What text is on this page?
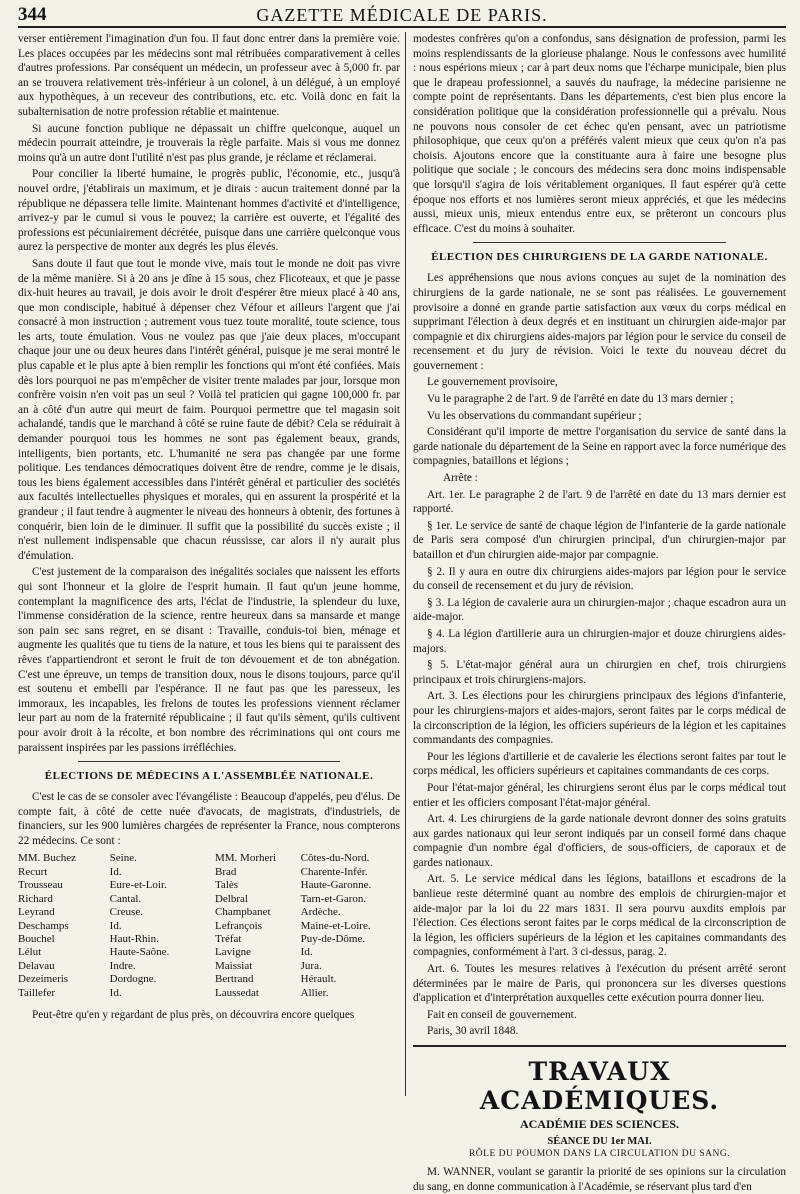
344	GAZETTE MÉDICALE DE PARIS.

verser entièrement l'imagination d'un fou. Il faut donc entrer dans la première voie. Les places occupées par les médecins sont mal rétribuées comparativement à celles d'autres professions. Par conséquent un médecin, un professeur avec à 5,000 fr. par an se trouvera relativement très-inférieur à un colonel, à un délégué, à un employé aux hypothèques, à un receveur des contributions, etc. etc. Voilà donc en fait la subalternisation de notre profession rétablie et maintenue.

Si aucune fonction publique ne dépassait un chiffre quelconque, auquel un médecin pourrait atteindre, je trouverais la règle parfaite. Mais si vous me donnez moins qu'à un autre dont l'utilité n'est pas plus grande, je réclame et réclamerai.

Pour concilier la liberté humaine, le progrès public, l'économie, etc., jusqu'à nouvel ordre, j'établirais un maximum, et je dirais : aucun traitement donné par la république ne dépassera telle limite. Maintenant hommes d'activité et d'intelligence, arrivez-y par le cumul si vous le pouvez; la carrière est ouverte, et l'égalité des professions est pécuniairement décrétée, puisque dans une carrière quelconque vous aurez la perspective de monter aux degrés les plus élevés.

Sans doute il faut que tout le monde vive, mais tout le monde ne doit pas vivre de la même manière. Si à 20 ans je dîne à 15 sous, chez Flicoteaux, et que je passe dix-huit heures au travail, je dois avoir le droit d'espérer être mieux placé à 40 ans, que mon condisciple, habitué à dépenser chez Véfour et ailleurs l'argent que j'ai consacré à mon instruction ; autrement vous tuez toute moralité, toute science, tous les arts, toute émulation. Vous ne voulez pas que j'aie deux places, m'occupant chaque jour une ou deux heures dans l'intérêt général, puisque je me serai montré le plus capable et le plus apte à bien remplir les fonctions qui m'ont été confiées. Mais dès lors pourquoi ne pas m'empêcher de visiter trente malades par jour, lorsque mon confrère voisin n'en voit pas un seul ? Voilà tel praticien qui gagne 100,000 fr. par an à côté d'un autre qui meurt de faim. Pourquoi permettre que tel magasin soit achalandé, tandis que le marchand à côté se ruine faute de débit? Cela se réduirait à demander pourquoi tous les hommes ne sont pas également beaux, grands, intelligents, bien portants, etc. L'humanité ne sera pas changée par une forme politique. Les tendances démocratiques doivent être de rendre, comme je le disais, tous les biens également accessibles dans l'intérêt général et particulier des sociétés aux facultés intellectuelles physiques et morales, qui en assurent la prospérité et la grandeur ; il faut tendre à augmenter le niveau des honneurs à obtenir, des fortunes à conquérir, bien loin de le diminuer. Il suffit que la possibilité du succès existe ; il n'est nullement indispensable que chacun réussisse, car alors il n'y aurait plus d'émulation.

C'est justement de la comparaison des inégalités sociales que naissent les efforts qui sont l'honneur et la gloire de l'esprit humain. Il faut qu'un jeune homme, contemplant la magnificence des arts, l'éclat de l'industrie, la splendeur du luxe, l'immense considération de la science, rentre heureux dans sa mansarde et mange son pain sec sans regret, en se disant : Travaille, conduis-toi bien, ménage et augmente les qualités que tu tiens de la nature, et tous les biens qui te paraissent des rêves t'appartiendront et seront le fruit de ton dévouement et de ton abnégation. C'est une épreuve, un temps de transition doux, nous le disons toujours, parce qu'il est soutenu et embelli par l'espérance. Il ne faut pas que les paresseux, les immoraux, les incapables, les frelons de toutes les professions viennent réclamer leur part au nom de la fraternité républicaine ; il faut qu'ils sèment, qu'ils cultivent pour avoir droit à la récolte, et bon nombre des récriminations qui ont cours me paraissent inspirées par les passions irréfléchies.

ÉLECTIONS DE MÉDECINS A L'ASSEMBLÉE NATIONALE.

C'est le cas de se consoler avec l'évangéliste : Beaucoup d'appelés, peu d'élus. De compte fait, à côté de cette nuée d'avocats, de magistrats, d'industriels, de financiers, sur les 900 lumières chargées de représenter la France, nous compterons 22 médecins. Ce sont :

MM. Buchez	Seine.	MM. Morheri	Côtes-du-Nord.
Recurt	Id.	Brad	Charente-Infér.
Trousseau	Eure-et-Loir.	Talès	Haute-Garonne.
Richard	Cantal.	Delbral	Tarn-et-Garon.
Leyrand	Creuse.	Champbanet	Ardèche.
Deschamps	Id.	Lefrançois	Maine-et-Loire.
Bouchel	Haut-Rhin.	Tréfat	Puy-de-Dôme.
Lélut	Haute-Saône.	Lavigne	Id.
Delavau	Indre.	Maissiat	Jura.
Dezeimeris	Dordogne.	Bertrand	Hérault.
Taillefer	Id.	Laussedat	Allier.

Peut-être qu'en y regardant de plus près, on découvrira encore quelques

modestes confrères qu'on a confondus, sans désignation de profession, parmi les moins resplendissants de la glorieuse phalange. Nous le confessons avec humilité : nous espérions mieux ; car à part deux noms que l'écharpe municipale, bien plus que le drapeau professionnel, a sauvés du naufrage, la médecine parisienne ne compte point de représentants. Dans les départements, c'est bien plus encore la considération politique que la considération professionnelle qui a prévalu. Nous ne pouvons nous consoler de cet échec qu'en pensant, avec un patriotisme philosophique, que ceux qu'on a préférés valent mieux que ceux qu'on n'a pas choisis. Ajoutons encore que la constituante aura à faire une besogne plus politique que sociale ; le concours des médecins sera donc moins indispensable que lorsqu'il s'agira de lois véritablement organiques. Il faut espérer qu'à cette époque nos efforts et nos lumières seront mieux appréciés, et que les médecins aussi, mieux unis, mieux entendus entre eux, se prêteront un concours plus efficace. C'est du moins à souhaiter.

ÉLECTION DES CHIRURGIENS DE LA GARDE NATIONALE.

Les appréhensions que nous avions conçues au sujet de la nomination des chirurgiens de la garde nationale, ne se sont pas réalisées. Le gouvernement provisoire a donné en grande partie satisfaction aux vœux du corps médical en supprimant l'élection à deux degrés et en instituant un chirurgien aide-major par compagnie et dix chirurgiens aides-majors par légion pour le service du conseil de recensement et du jury de révision. Voici le texte du nouveau décret du gouvernement :

Le gouvernement provisoire,

Vu le paragraphe 2 de l'art. 9 de l'arrêté en date du 13 mars dernier ;

Vu les observations du commandant supérieur ;

Considérant qu'il importe de mettre l'organisation du service de santé dans la garde nationale du département de la Seine en rapport avec la force numérique des compagnies, bataillons et légions ;

Arrête :

Art. 1er. Le paragraphe 2 de l'art. 9 de l'arrêté en date du 13 mars dernier est rapporté.

§ 1er. Le service de santé de chaque légion de l'infanterie de la garde nationale de Paris sera composé d'un chirurgien principal, d'un chirurgien-major par bataillon et d'un chirurgien aide-major par compagnie.

§ 2. Il y aura en outre dix chirurgiens aides-majors par légion pour le service du conseil de recensement et du jury de révision.

§ 3. La légion de cavalerie aura un chirurgien-major ; chaque escadron aura un aide-major.

§ 4. La légion d'artillerie aura un chirurgien-major et douze chirurgiens aides-majors.

§ 5. L'état-major général aura un chirurgien en chef, trois chirurgiens principaux et trois chirurgiens-majors.

Art. 3. Les élections pour les chirurgiens principaux des légions d'infanterie, pour les chirurgiens-majors et aides-majors, seront faites par le corps médical de la circonscription de la légion, les officiers supérieurs de la légion et les capitaines commandants des compagnies.

Pour les légions d'artillerie et de cavalerie les élections seront faites par tout le corps médical, les officiers supérieurs et capitaines commandants de ces corps.

Pour l'état-major général, les chirurgiens seront élus par le corps médical tout entier et les officiers composant l'état-major général.

Art. 4. Les chirurgiens de la garde nationale devront donner des soins gratuits aux gardes nationaux qui leur seront indiqués par un conseil formé dans chaque compagnie d'un nombre égal d'officiers, de sous-officiers, de caporaux et de gardes nationaux.

Art. 5. Le service médical dans les légions, bataillons et escadrons de la banlieue reste déterminé quant au nombre des emplois de chirurgien-major et aide-major par la loi du 22 mars 1831. Il sera pourvu auxdits emplois par l'élection. Ces élections seront faites par le corps médical de la circonscription de la légion, les officiers supérieurs de la légion et les capitaines commandants des compagnies, conformément à l'art. 3 ci-dessus, parag. 2.

Art. 6. Toutes les mesures relatives à l'exécution du présent arrêté seront déterminées par le maire de Paris, qui prononcera sur les diverses questions d'application et d'interprétation auxquelles cette exécution pourra donner lieu.

Fait en conseil de gouvernement.

Paris, 30 avril 1848.

TRAVAUX ACADÉMIQUES.
ACADÉMIE DES SCIENCES.
SÉANCE DU 1er MAI.
RÔLE DU POUMON DANS LA CIRCULATION DU SANG.

M. WANNER, voulant se garantir la priorité de ses opinions sur la circulation du sang, en donne communication à l'Académie, se réservant plus tard d'en
